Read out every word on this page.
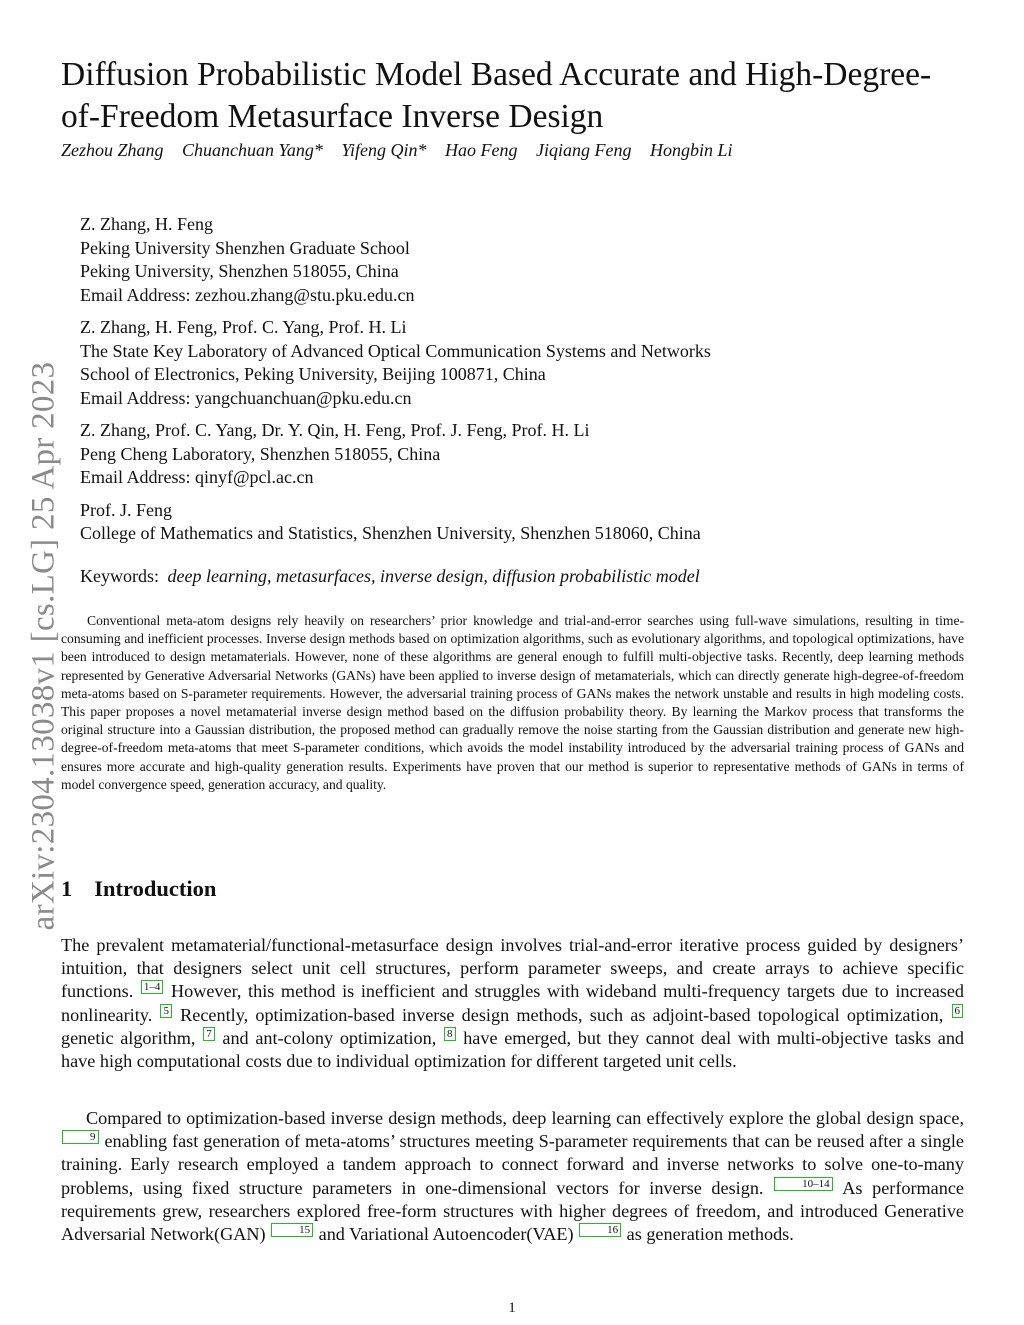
arXiv:2304.13038v1 [cs.LG] 25 Apr 2023
Diffusion Probabilistic Model Based Accurate and High-Degree-of-Freedom Metasurface Inverse Design
Zezhou Zhang Chuanchuan Yang* Yifeng Qin* Hao Feng Jiqiang Feng Hongbin Li
Z. Zhang, H. Feng
Peking University Shenzhen Graduate School
Peking University, Shenzhen 518055, China
Email Address: zezhou.zhang@stu.pku.edu.cn
Z. Zhang, H. Feng, Prof. C. Yang, Prof. H. Li
The State Key Laboratory of Advanced Optical Communication Systems and Networks
School of Electronics, Peking University, Beijing 100871, China
Email Address: yangchuanchuan@pku.edu.cn
Z. Zhang, Prof. C. Yang, Dr. Y. Qin, H. Feng, Prof. J. Feng, Prof. H. Li
Peng Cheng Laboratory, Shenzhen 518055, China
Email Address: qinyf@pcl.ac.cn
Prof. J. Feng
College of Mathematics and Statistics, Shenzhen University, Shenzhen 518060, China
Keywords: deep learning, metasurfaces, inverse design, diffusion probabilistic model

Conventional meta-atom designs rely heavily on researchers’ prior knowledge and trial-and-error searches using full-wave simulations, resulting in time-consuming and inefficient processes. Inverse design methods based on optimization algorithms, such as evolutionary algorithms, and topological optimizations, have been introduced to design metamaterials. However, none of these algorithms are general enough to fulfill multi-objective tasks. Recently, deep learning methods represented by Generative Adversarial Networks (GANs) have been applied to inverse design of metamaterials, which can directly generate high-degree-of-freedom meta-atoms based on S-parameter requirements. However, the adversarial training process of GANs makes the network unstable and results in high modeling costs. This paper proposes a novel metamaterial inverse design method based on the diffusion probability theory. By learning the Markov process that transforms the original structure into a Gaussian distribution, the proposed method can gradually remove the noise starting from the Gaussian distribution and generate new high-degree-of-freedom meta-atoms that meet S-parameter conditions, which avoids the model instability introduced by the adversarial training process of GANs and ensures more accurate and high-quality generation results. Experiments have proven that our method is superior to representative methods of GANs in terms of model convergence speed, generation accuracy, and quality.

1 Introduction

The prevalent metamaterial/functional-metasurface design involves trial-and-error iterative process guided by designers’ intuition, that designers select unit cell structures, perform parameter sweeps, and create arrays to achieve specific functions. 1–4 However, this method is inefficient and struggles with wideband multi-frequency targets due to increased nonlinearity. 5 Recently, optimization-based inverse design methods, such as adjoint-based topological optimization, 6 genetic algorithm, 7 and ant-colony optimization, 8 have emerged, but they cannot deal with multi-objective tasks and have high computational costs due to individual optimization for different targeted unit cells.

Compared to optimization-based inverse design methods, deep learning can effectively explore the global design space, 9 enabling fast generation of meta-atoms’ structures meeting S-parameter requirements that can be reused after a single training. Early research employed a tandem approach to connect forward and inverse networks to solve one-to-many problems, using fixed structure parameters in one-dimensional vectors for inverse design.	10–14 As performance requirements grew, researchers explored free-form structures with higher degrees of freedom, and introduced Generative Adversarial Network(GAN)	15 and Variational Autoencoder(VAE)	16 as generation methods.

1
